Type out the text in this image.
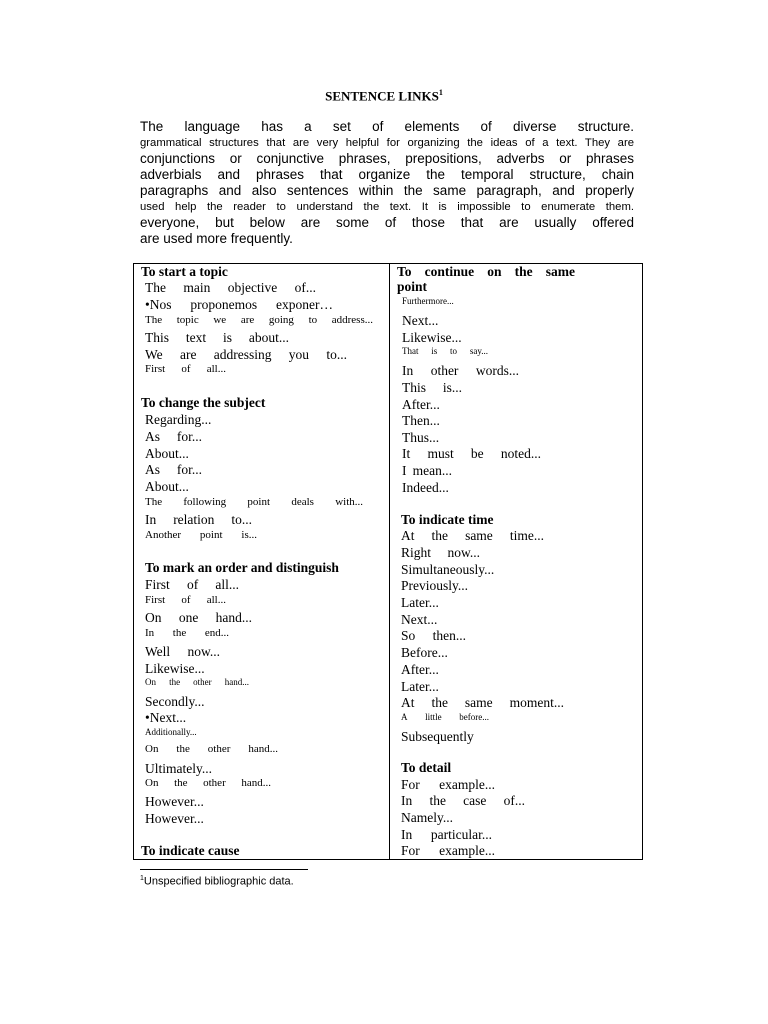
SENTENCE LINKS$^1$
The language has a set of elements of diverse structure.
grammatical structures that are very helpful for organizing the ideas of a text. They are
conjunctions or conjunctive phrases, prepositions, adverbs or phrases
adverbials and phrases that organize the temporal structure, chain
paragraphs and also sentences within the same paragraph, and properly
used help the reader to understand the text. It is impossible to enumerate them.
everyone, but below are some of those that are usually offered
are used more frequently.
To start a topic
The main objective of...
•Nos proponemos exponer…
The topic we are going to address...
This text is about...
We are addressing you to...
First of all...
To change the subject
Regarding...
As for...
About...
As for...
About...
The following point deals with...
In relation to...
Another point is...
To mark an order and distinguish
First of all...
First of all...
On one hand...
In the end...
Well now...
Likewise...
On the other hand...
Secondly...
•Next...
Additionally...
On the other hand...
Ultimately...
On the other hand...
However...
However...
To indicate cause
To continue on the same
point
Furthermore...
Next...
Likewise...
That is to say...
In other words...
This is...
After...
Then...
Thus...
It must be noted...
I mean...
Indeed...
To indicate time
At the same time...
Right now...
Simultaneously...
Previously...
Later...
Next...
So then...
Before...
After...
Later...
At the same moment...
A little before...
Subsequently
To detail
For example...
In the case of...
Namely...
In particular...
For example...
$^1$Unspecified bibliographic data.
